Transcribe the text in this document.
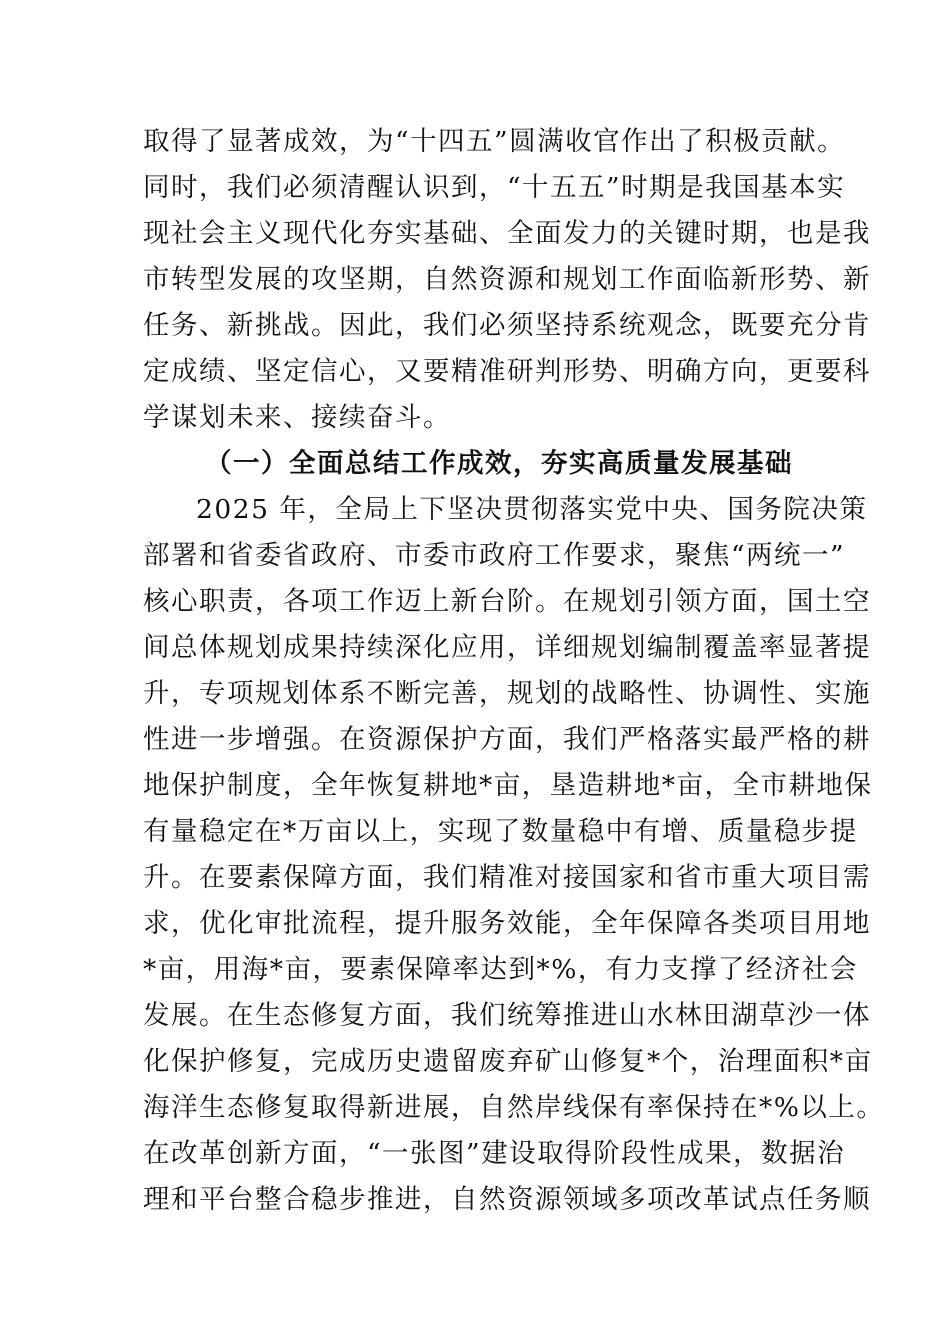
取得了显著成效，为“十四五”圆满收官作出了积极贡献。
同时，我们必须清醒认识到，“十五五”时期是我国基本实
现社会主义现代化夯实基础、全面发力的关键时期，也是我
市转型发展的攻坚期，自然资源和规划工作面临新形势、新
任务、新挑战。因此，我们必须坚持系统观念，既要充分肯
定成绩、坚定信心，又要精准研判形势、明确方向，更要科
学谋划未来、接续奋斗。
（一）全面总结工作成效，夯实高质量发展基础
2025 年，全局上下坚决贯彻落实党中央、国务院决策
部署和省委省政府、市委市政府工作要求，聚焦“两统一”
核心职责，各项工作迈上新台阶。在规划引领方面，国土空
间总体规划成果持续深化应用，详细规划编制覆盖率显著提
升，专项规划体系不断完善，规划的战略性、协调性、实施
性进一步增强。在资源保护方面，我们严格落实最严格的耕
地保护制度，全年恢复耕地*亩，垦造耕地*亩，全市耕地保
有量稳定在*万亩以上，实现了数量稳中有增、质量稳步提
升。在要素保障方面，我们精准对接国家和省市重大项目需
求，优化审批流程，提升服务效能，全年保障各类项目用地
*亩，用海*亩，要素保障率达到*%，有力支撑了经济社会
发展。在生态修复方面，我们统筹推进山水林田湖草沙一体
化保护修复，完成历史遗留废弃矿山修复*个，治理面积*亩
海洋生态修复取得新进展，自然岸线保有率保持在*%以上。
在改革创新方面，“一张图”建设取得阶段性成果，数据治
理和平台整合稳步推进，自然资源领域多项改革试点任务顺
